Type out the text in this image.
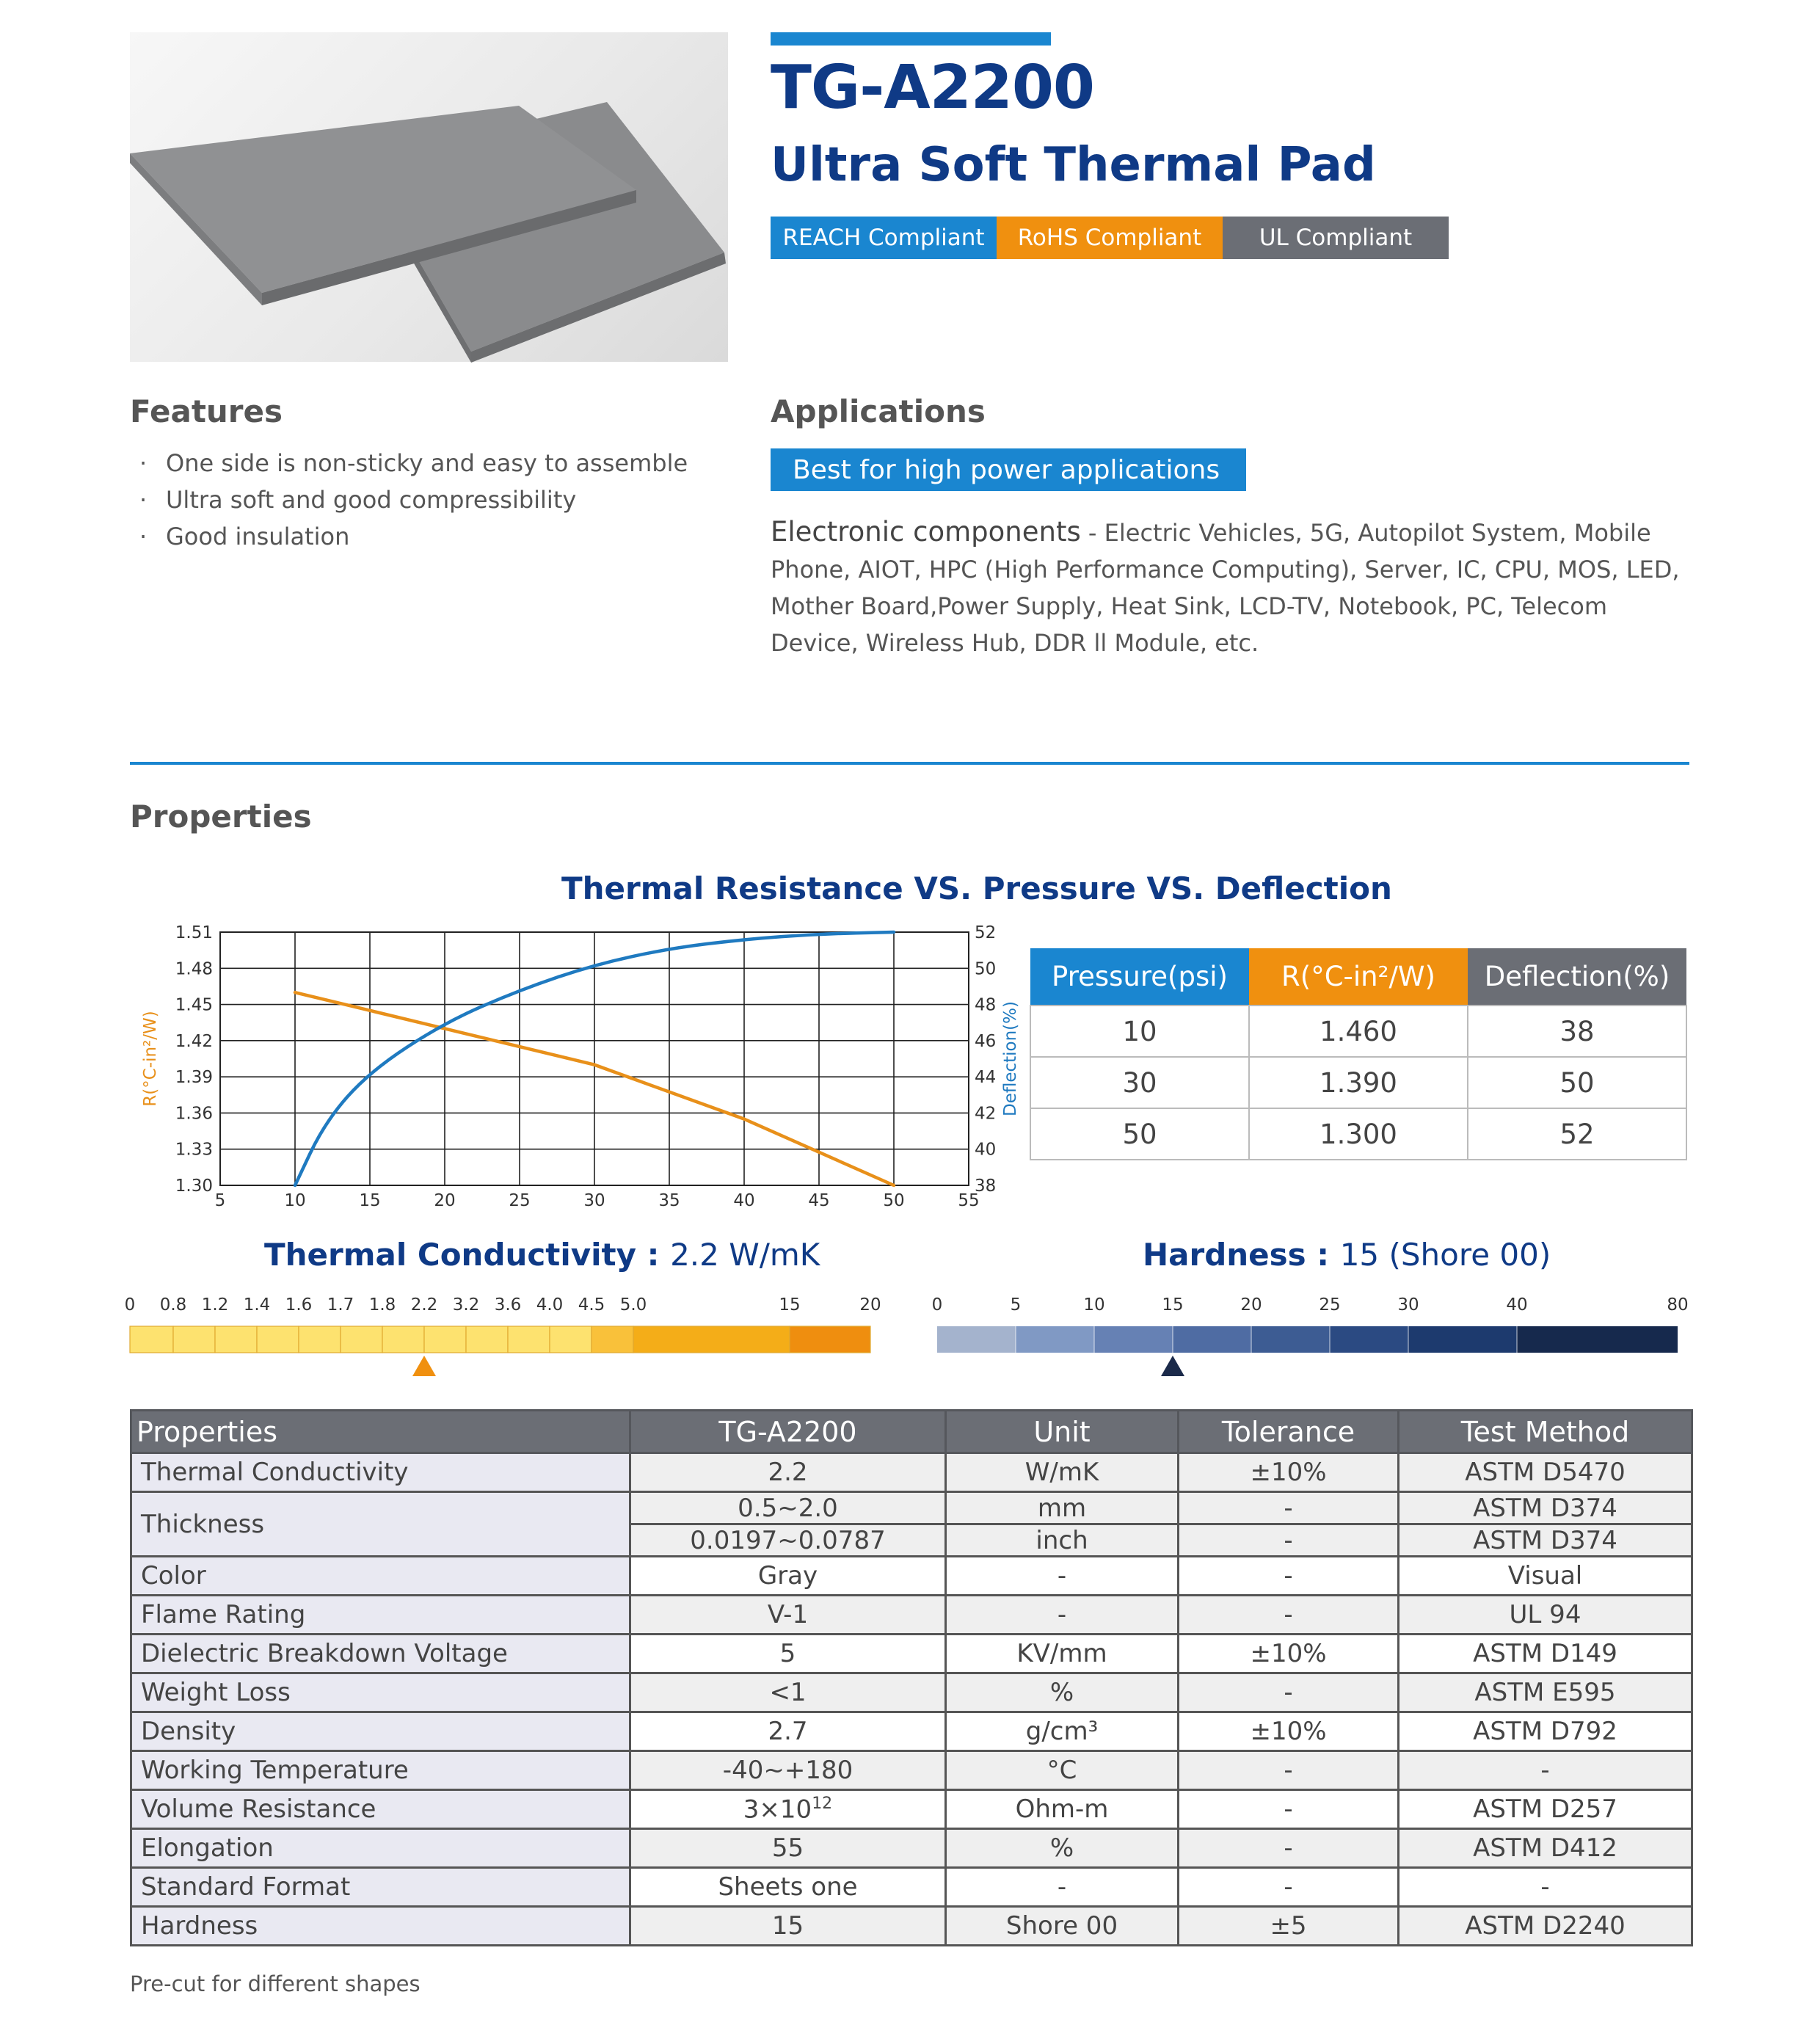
TG-A2200
Ultra Soft Thermal Pad
REACH Compliant	RoHS Compliant	UL Compliant
Features
· One side is non-sticky and easy to assemble
· Ultra soft and good compressibility
· Good insulation
Applications
Best for high power applications
Electronic components - Electric Vehicles, 5G, Autopilot System, Mobile Phone, AIOT, HPC (High Performance Computing), Server, IC, CPU, MOS, LED, Mother Board,Power Supply, Heat Sink, LCD-TV, Notebook, PC, Telecom Device, Wireless Hub, DDR ll Module, etc.
Properties
Thermal Resistance VS. Pressure VS. Deflection
5	10	15	20	25	30	35	40	45	50	55
1.30
1.33
1.36
1.39
1.42
1.45
1.48
1.51
38
40
42
44
46
48
50
52
R(°C-in²/W)	Deflection(%)
Pressure(psi)	R(°C-in²/W)	Deflection(%)
10	1.460	38
30	1.390	50
50	1.300	52
Thermal Conductivity : 2.2 W/mK
0 0.8 1.2 1.4 1.6 1.7 1.8 2.2 3.2 3.6 4.0 4.5 5.0	15	20
Hardness : 15 (Shore 00)
0	5	10	15	20	25	30	40	80
Properties	TG-A2200	Unit	Tolerance	Test Method
Thermal Conductivity	2.2	W/mK	±10%	ASTM D5470
Thickness	0.5~2.0	mm	-	ASTM D374
	0.0197~0.0787	inch	-	ASTM D374
Color	Gray	-	-	Visual
Flame Rating	V-1	-	-	UL 94
Dielectric Breakdown Voltage	5	KV/mm	±10%	ASTM D149
Weight Loss	<1	%	-	ASTM E595
Density	2.7	g/cm³	±10%	ASTM D792
Working Temperature	-40~+180	°C	-	-
Volume Resistance	$3\times 10^{12}$	Ohm-m	-	ASTM D257
Elongation	55	%	-	ASTM D412
Standard Format	Sheets one	-	-	-
Hardness	15	Shore 00	±5	ASTM D2240
Pre-cut for different shapes
